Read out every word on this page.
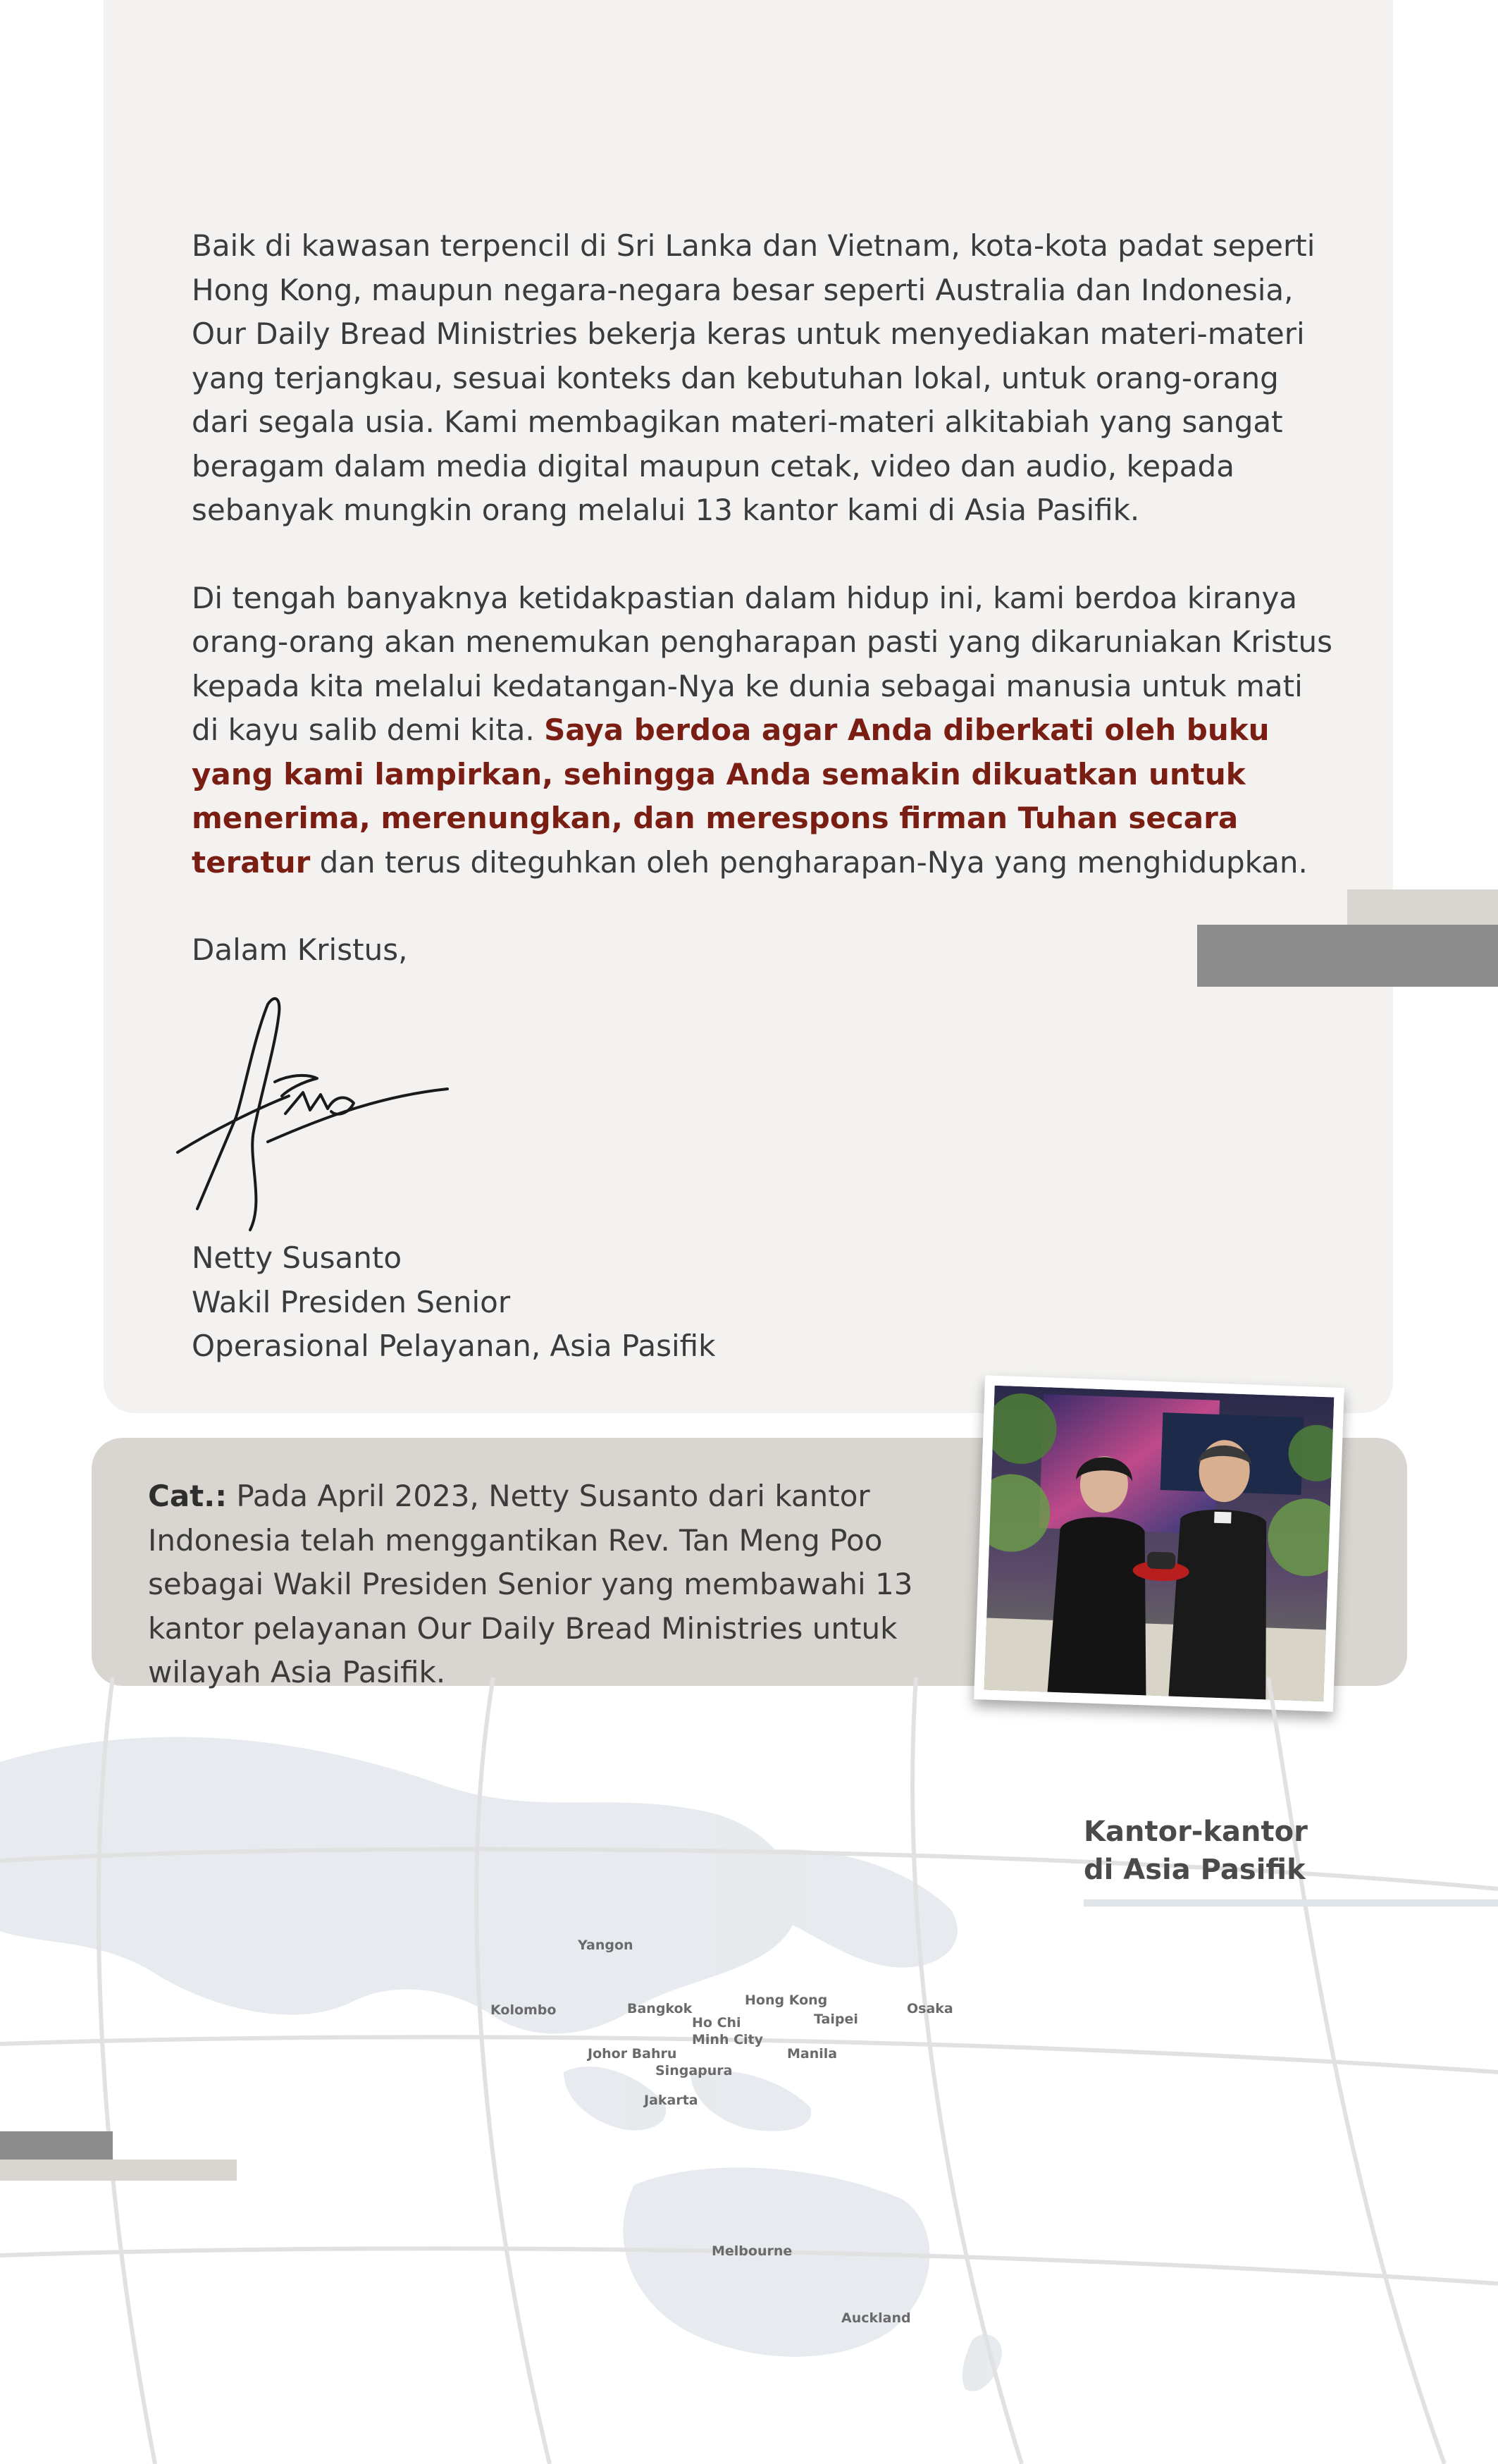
Baik di kawasan terpencil di Sri Lanka dan Vietnam, kota-kota padat seperti Hong Kong, maupun negara-negara besar seperti Australia dan Indonesia, Our Daily Bread Ministries bekerja keras untuk menyediakan materi-materi yang terjangkau, sesuai konteks dan kebutuhan lokal, untuk orang-orang dari segala usia. Kami membagikan materi-materi alkitabiah yang sangat beragam dalam media digital maupun cetak, video dan audio, kepada sebanyak mungkin orang melalui 13 kantor kami di Asia Pasifik.

Di tengah banyaknya ketidakpastian dalam hidup ini, kami berdoa kiranya orang-orang akan menemukan pengharapan pasti yang dikaruniakan Kristus kepada kita melalui kedatangan-Nya ke dunia sebagai manusia untuk mati di kayu salib demi kita. Saya berdoa agar Anda diberkati oleh buku yang kami lampirkan, sehingga Anda semakin dikuatkan untuk menerima, merenungkan, dan merespons firman Tuhan secara teratur dan terus diteguhkan oleh pengharapan-Nya yang menghidupkan.

Dalam Kristus,

Netty Susanto
Wakil Presiden Senior
Operasional Pelayanan, Asia Pasifik
Cat.: Pada April 2023, Netty Susanto dari kantor Indonesia telah menggantikan Rev. Tan Meng Poo sebagai Wakil Presiden Senior yang membawahi 13 kantor pelayanan Our Daily Bread Ministries untuk wilayah Asia Pasifik.
Kantor-kantor
di Asia Pasifik
Yangon
Kolombo	Bangkok
Hong Kong
Taipei
Osaka
Ho Chi
Minh City
Johor Bahru	Manila
Singapura
Jakarta
Melbourne
Auckland
